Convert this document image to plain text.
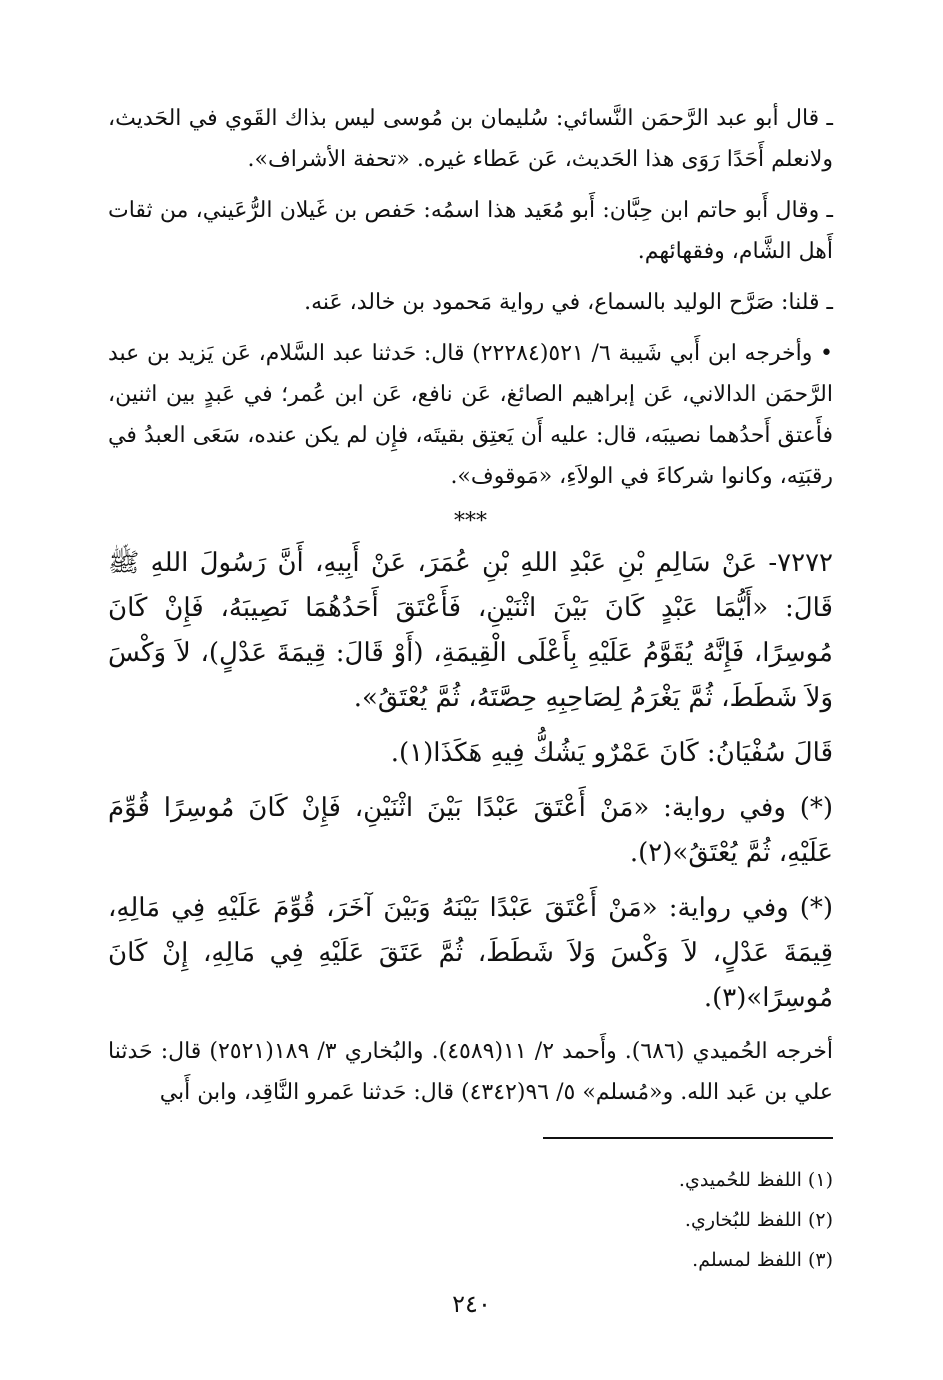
ـ قال أبو عبد الرَّحمَن النَّسائي: سُليمان بن مُوسى ليس بذاك القَوي في الحَديث، ولانعلم أَحَدًا رَوَى هذا الحَديث، عَن عَطاء غيره. «تحفة الأشراف».

ـ وقال أَبو حاتم ابن حِبَّان: أَبو مُعَيد هذا اسمُه: حَفص بن غَيلان الرُّعَيني، من ثقات أَهل الشَّام، وفقهائهم.

ـ قلنا: صَرَّح الوليد بالسماع، في رواية مَحمود بن خالد، عَنه.

• وأخرجه ابن أَبي شَيبة ٦/ ٥٢١(٢٢٢٨٤) قال: حَدثنا عبد السَّلام، عَن يَزيد بن عبد الرَّحمَن الدالاني، عَن إبراهيم الصائغ، عَن نافع، عَن ابن عُمر؛ في عَبدٍ بين اثنين، فأَعتق أَحدُهما نصيبَه، قال: عليه أَن يَعتِق بقيتَه، فإِن لم يكن عنده، سَعَى العبدُ في رقبَتِه، وكانوا شركاءَ في الولاَءِ، «مَوقوف».

***

٧٢٧٢- عَنْ سَالِمِ بْنِ عَبْدِ اللهِ بْنِ عُمَرَ، عَنْ أَبِيهِ، أَنَّ رَسُولَ اللهِ ﷺ قَالَ: «أَيُّمَا عَبْدٍ كَانَ بَيْنَ اثْنَيْنِ، فَأَعْتَقَ أَحَدُهُمَا نَصِيبَهُ، فَإِنْ كَانَ مُوسِرًا، فَإِنَّهُ يُقَوَّمُ عَلَيْهِ بِأَعْلَى الْقِيمَةِ، (أَوْ قَالَ: قِيمَةَ عَدْلٍ)، لاَ وَكْسَ وَلاَ شَطَطَ، ثُمَّ يَغْرَمُ لِصَاحِبِهِ حِصَّتَهُ، ثُمَّ يُعْتَقُ».

قَالَ سُفْيَانُ: كَانَ عَمْرٌو يَشُكُّ فِيهِ هَكَذَا(١).

(*) وفي رواية: «مَنْ أَعْتَقَ عَبْدًا بَيْنَ اثْنَيْنِ، فَإِنْ كَانَ مُوسِرًا قُوِّمَ عَلَيْهِ، ثُمَّ يُعْتَقُ»(٢).

(*) وفي رواية: «مَنْ أَعْتَقَ عَبْدًا بَيْنَهُ وَبَيْنَ آخَرَ، قُوِّمَ عَلَيْهِ فِي مَالِهِ، قِيمَةَ عَدْلٍ، لاَ وَكْسَ وَلاَ شَطَطَ، ثُمَّ عَتَقَ عَلَيْهِ فِي مَالِهِ، إِنْ كَانَ مُوسِرًا»(٣).

أخرجه الحُميدي (٦٨٦). وأَحمد ٢/ ١١(٤٥٨٩). والبُخاري ٣/ ١٨٩(٢٥٢١) قال: حَدثنا علي بن عَبد الله. و«مُسلم» ٥/ ٩٦(٤٣٤٢) قال: حَدثنا عَمرو النَّاقِد، وابن أَبي

(١) اللفظ للحُميدي.

(٢) اللفظ للبُخاري.

(٣) اللفظ لمسلم.

٢٤٠
